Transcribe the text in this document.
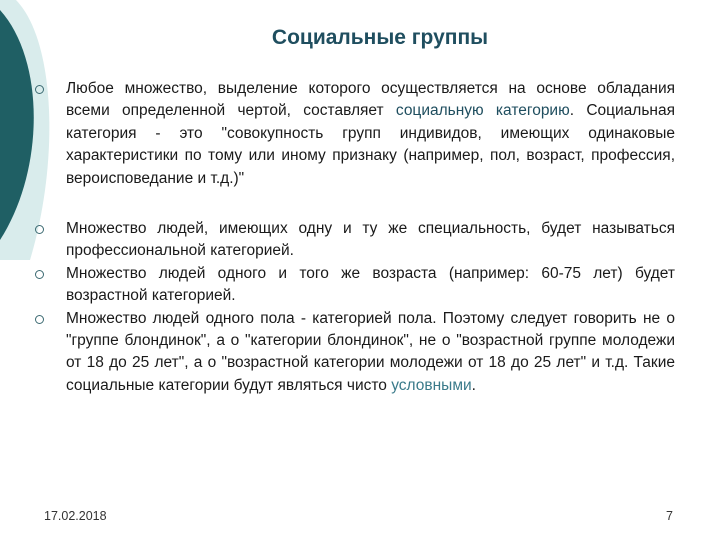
Социальные группы
Любое множество, выделение которого осуществляется на основе обладания всеми определенной чертой, составляет социальную категорию. Социальная категория - это "совокупность групп индивидов, имеющих одинаковые характеристики по тому или иному признаку (например, пол, возраст, профессия, вероисповедание и т.д.)"
Множество людей, имеющих одну и ту же специальность, будет называться профессиональной категорией.
Множество людей одного и того же возраста (например: 60-75 лет) будет возрастной категорией.
Множество людей одного пола - категорией пола. Поэтому следует говорить не о "группе блондинок", а о "категории блондинок", не о "возрастной группе молодежи от 18 до 25 лет", а о "возрастной категории молодежи от 18 до 25 лет" и т.д. Такие социальные категории будут являться чисто условными.
17.02.2018	7
